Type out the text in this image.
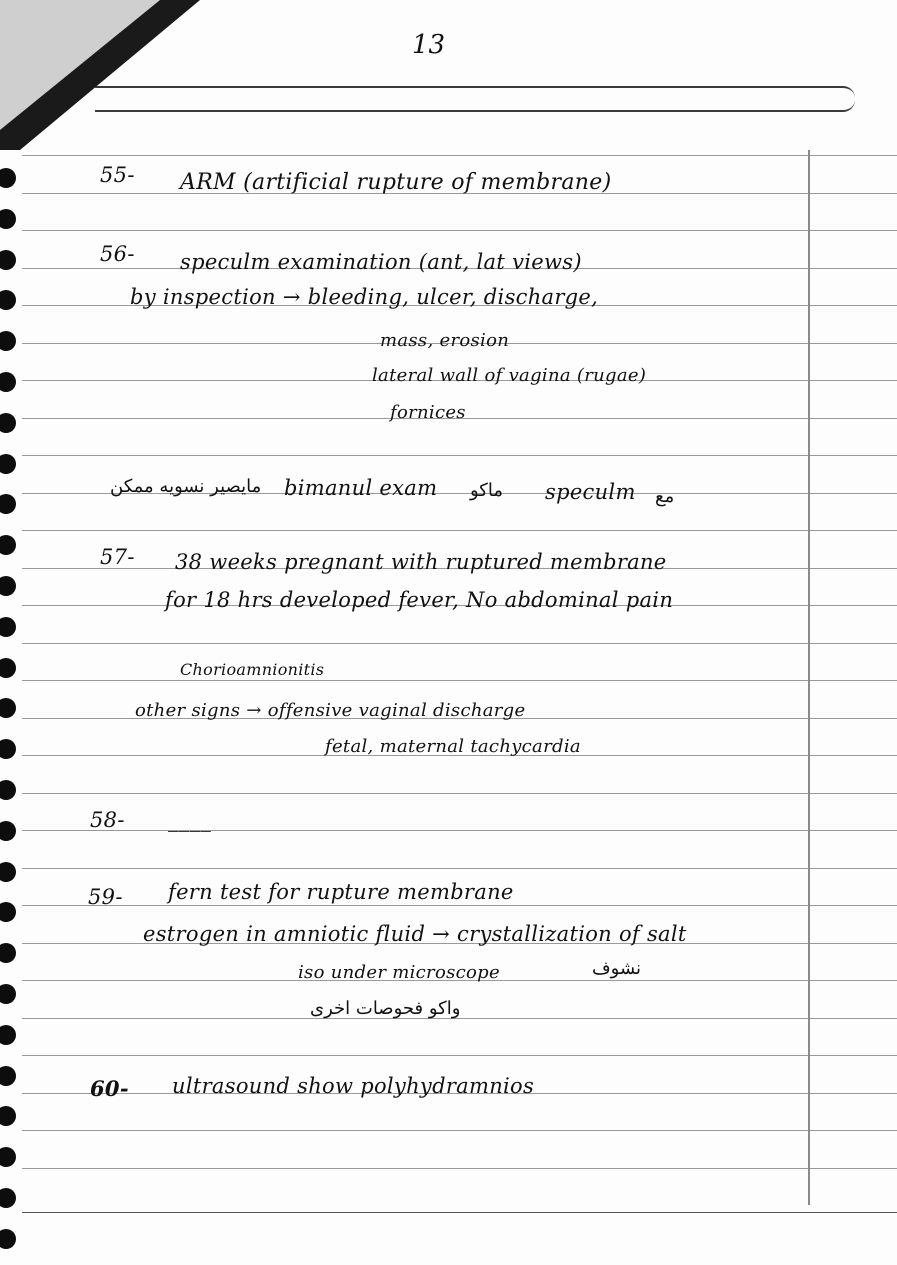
13
55- ARM (artificial rupture of membrane)
56- speculm examination (ant, lat views)
by inspection → bleeding, ulcer, discharge,
mass, erosion
lateral wall of vagina (rugae)
fornices
مايصير نسويه ممكن bimanul exam ماكو speculm مع
57- 38 weeks pregnant with ruptured membrane
for 18 hrs developed fever, No abdominal pain
Chorioamnionitis
other signs → offensive vaginal discharge
fetal, maternal tachycardia
58- ____
59- fern test for rupture membrane
estrogen in amniotic fluid → crystallization of salt
iso under microscope	نشوف
واكو فحوصات اخرى
60- ultrasound show polyhydramnios
